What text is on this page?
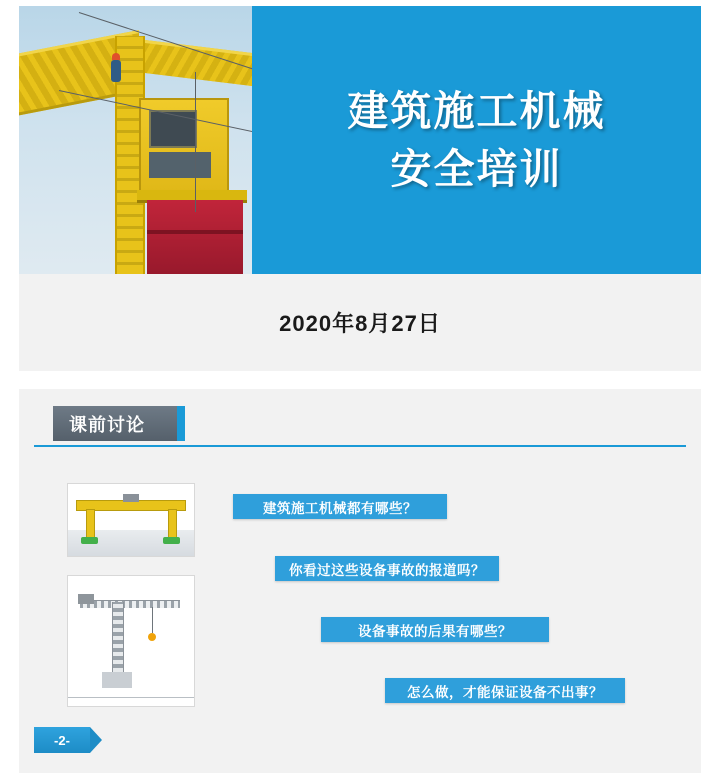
建筑施工机械
安全培训
2020年8月27日
课前讨论
建筑施工机械都有哪些？
你看过这些设备事故的报道吗？
设备事故的后果有哪些？
怎么做，才能保证设备不出事？
-2-
